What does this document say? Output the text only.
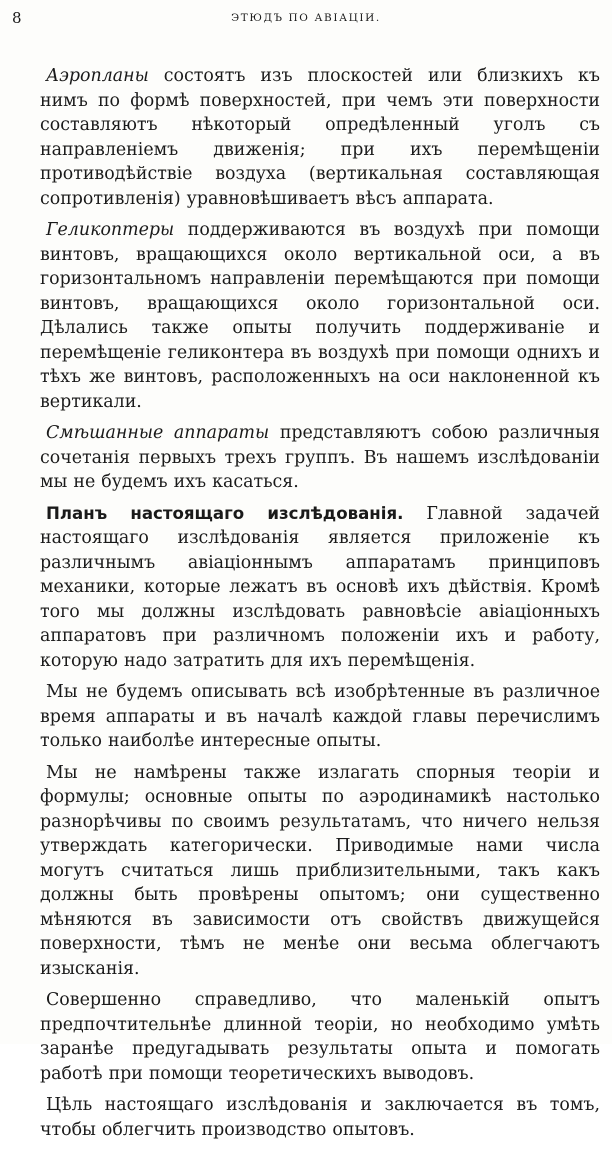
8	ЭТЮДЪ ПО АВІАЦІИ.

Аэропланы состоятъ изъ плоскостей или близкихъ къ нимъ по формѣ поверхностей, при чемъ эти поверхности составляютъ нѣкоторый опредѣленный уголъ съ направленіемъ движенія; при ихъ перемѣщеніи противодѣйствіе воздуха (вертикальная составляющая сопротивленія) уравновѣшиваетъ вѣсъ аппарата.

Геликоптеры поддерживаются въ воздухѣ при помощи винтовъ, вращающихся около вертикальной оси, а въ горизонтальномъ направленіи перемѣщаются при помощи винтовъ, вращающихся около горизонтальной оси. Дѣлались также опыты получить поддерживаніе и перемѣщеніе геликонтера въ воздухѣ при помощи однихъ и тѣхъ же винтовъ, расположенныхъ на оси наклоненной къ вертикали.

Смѣшанные аппараты представляютъ собою различныя сочетанія первыхъ трехъ группъ. Въ нашемъ изслѣдованіи мы не будемъ ихъ касаться.

Планъ настоящаго изслѣдованія. Главной задачей настоящаго изслѣдованія является приложеніе къ различнымъ авіаціоннымъ аппаратамъ принциповъ механики, которые лежатъ въ основѣ ихъ дѣйствія. Кромѣ того мы должны изслѣдовать равновѣсіе авіаціонныхъ аппаратовъ при различномъ положеніи ихъ и работу, которую надо затратить для ихъ перемѣщенія.

Мы не будемъ описывать всѣ изобрѣтенные въ различное время аппараты и въ началѣ каждой главы перечислимъ только наиболѣе интересные опыты.

Мы не намѣрены также излагать спорныя теоріи и формулы; основные опыты по аэродинамикѣ настолько разнорѣчивы по своимъ результатамъ, что ничего нельзя утверждать категорически. Приводимые нами числа могутъ считаться лишь приблизительными, такъ какъ должны быть провѣрены опытомъ; они существенно мѣняются въ зависимости отъ свойствъ движущейся поверхности, тѣмъ не менѣе они весьма облегчаютъ изысканія.

Совершенно справедливо, что маленькій опытъ предпочтительнѣе длинной теоріи, но необходимо умѣть заранѣе предугадывать результаты опыта и помогать работѣ при помощи теоретическихъ выводовъ.

Цѣль настоящаго изслѣдованія и заключается въ томъ, чтобы облегчить производство опытовъ.
